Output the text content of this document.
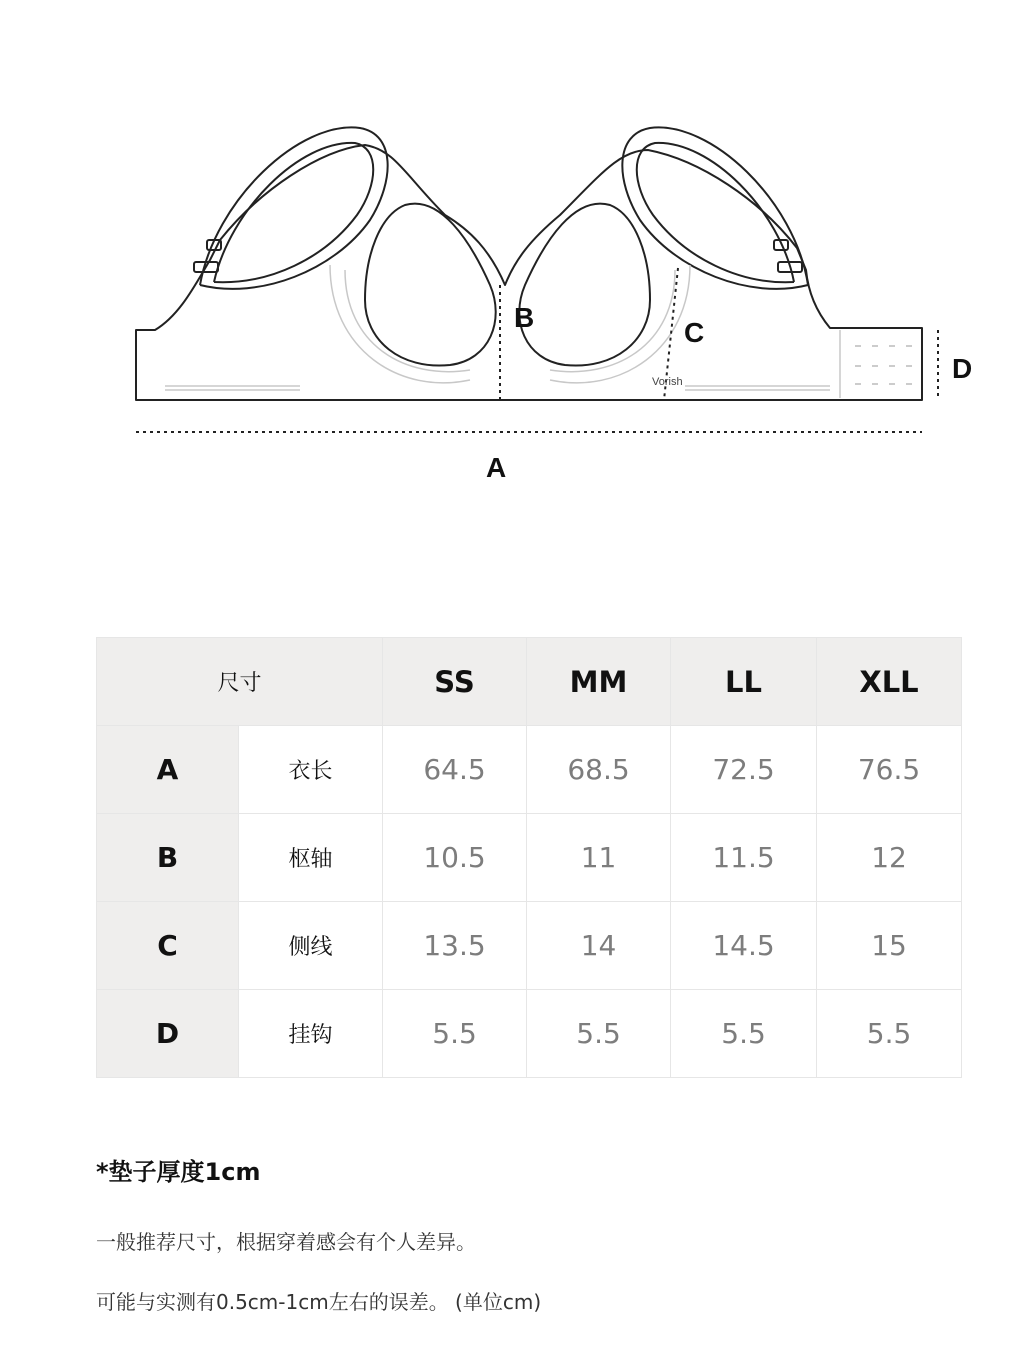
A
B	C
D
Vorish
尺寸		SS	MM	LL	XLL
A	衣长	64.5	68.5	72.5	76.5
B	枢轴	10.5	11	11.5	12
C	侧线	13.5	14	14.5	15
D	挂钩	5.5	5.5	5.5	5.5
*垫子厚度1cm
一般推荐尺寸，根据穿着感会有个人差异。
可能与实测有0.5cm-1cm左右的误差。 (单位cm)
